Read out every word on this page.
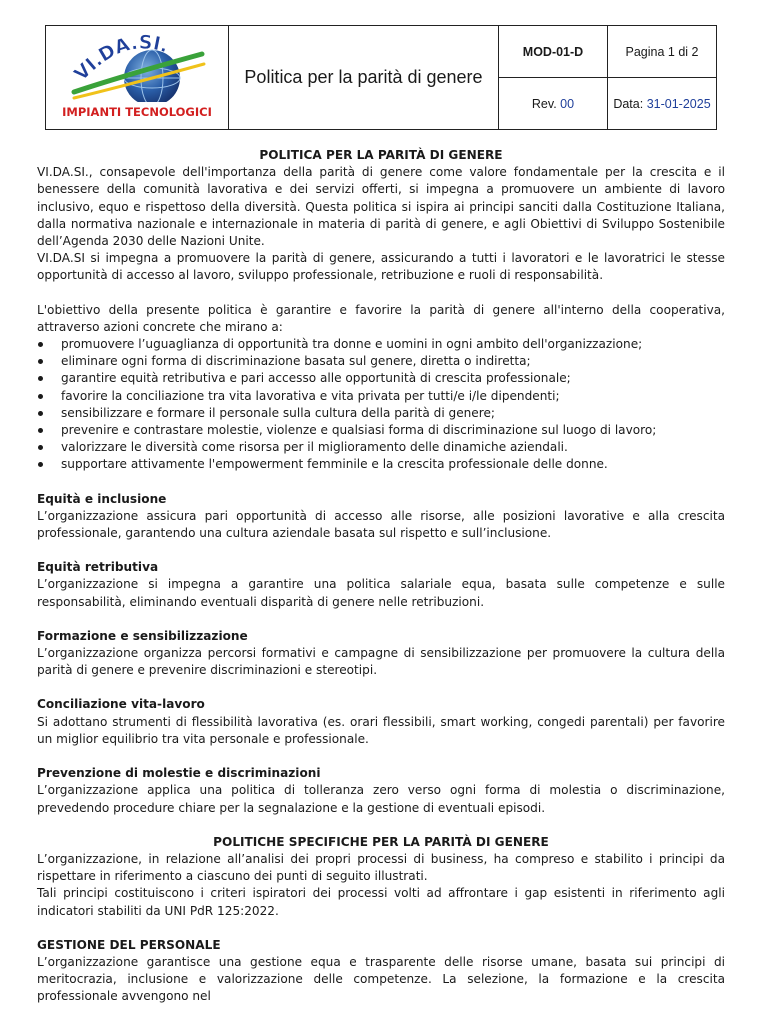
VI.DA.SI.
IMPIANTI TECNOLOGICI	Politica per la parità di genere	MOD-01-D	Pagina 1 di 2
		Rev. 00	Data: 31-01-2025

POLITICA PER LA PARITÀ DI GENERE

VI.DA.SI., consapevole dell'importanza della parità di genere come valore fondamentale per la crescita e il benessere della comunità lavorativa e dei servizi offerti, si impegna a promuovere un ambiente di lavoro inclusivo, equo e rispettoso della diversità. Questa politica si ispira ai principi sanciti dalla Costituzione Italiana, dalla normativa nazionale e internazionale in materia di parità di genere, e agli Obiettivi di Sviluppo Sostenibile dell’Agenda 2030 delle Nazioni Unite.

VI.DA.SI si impegna a promuovere la parità di genere, assicurando a tutti i lavoratori e le lavoratrici le stesse opportunità di accesso al lavoro, sviluppo professionale, retribuzione e ruoli di responsabilità.

L'obiettivo della presente politica è garantire e favorire la parità di genere all'interno della cooperativa, attraverso azioni concrete che mirano a:

promuovere l’uguaglianza di opportunità tra donne e uomini in ogni ambito dell'organizzazione;
eliminare ogni forma di discriminazione basata sul genere, diretta o indiretta;
garantire equità retributiva e pari accesso alle opportunità di crescita professionale;
favorire la conciliazione tra vita lavorativa e vita privata per tutti/e i/le dipendenti;
sensibilizzare e formare il personale sulla cultura della parità di genere;
prevenire e contrastare molestie, violenze e qualsiasi forma di discriminazione sul luogo di lavoro;
valorizzare le diversità come risorsa per il miglioramento delle dinamiche aziendali.
supportare attivamente l'empowerment femminile e la crescita professionale delle donne.

Equità e inclusione

L’organizzazione assicura pari opportunità di accesso alle risorse, alle posizioni lavorative e alla crescita professionale, garantendo una cultura aziendale basata sul rispetto e sull’inclusione.

Equità retributiva

L’organizzazione si impegna a garantire una politica salariale equa, basata sulle competenze e sulle responsabilità, eliminando eventuali disparità di genere nelle retribuzioni.

Formazione e sensibilizzazione

L’organizzazione organizza percorsi formativi e campagne di sensibilizzazione per promuovere la cultura della parità di genere e prevenire discriminazioni e stereotipi.

Conciliazione vita-lavoro

Si adottano strumenti di flessibilità lavorativa (es. orari flessibili, smart working, congedi parentali) per favorire un miglior equilibrio tra vita personale e professionale.

Prevenzione di molestie e discriminazioni

L’organizzazione applica una politica di tolleranza zero verso ogni forma di molestia o discriminazione, prevedendo procedure chiare per la segnalazione e la gestione di eventuali episodi.

POLITICHE SPECIFICHE PER LA PARITÀ DI GENERE

L’organizzazione, in relazione all’analisi dei propri processi di business, ha compreso e stabilito i principi da rispettare in riferimento a ciascuno dei punti di seguito illustrati.

Tali principi costituiscono i criteri ispiratori dei processi volti ad affrontare i gap esistenti in riferimento agli indicatori stabiliti da UNI PdR 125:2022.

GESTIONE DEL PERSONALE

L’organizzazione garantisce una gestione equa e trasparente delle risorse umane, basata sui principi di meritocrazia, inclusione e valorizzazione delle competenze. La selezione, la formazione e la crescita professionale avvengono nel
